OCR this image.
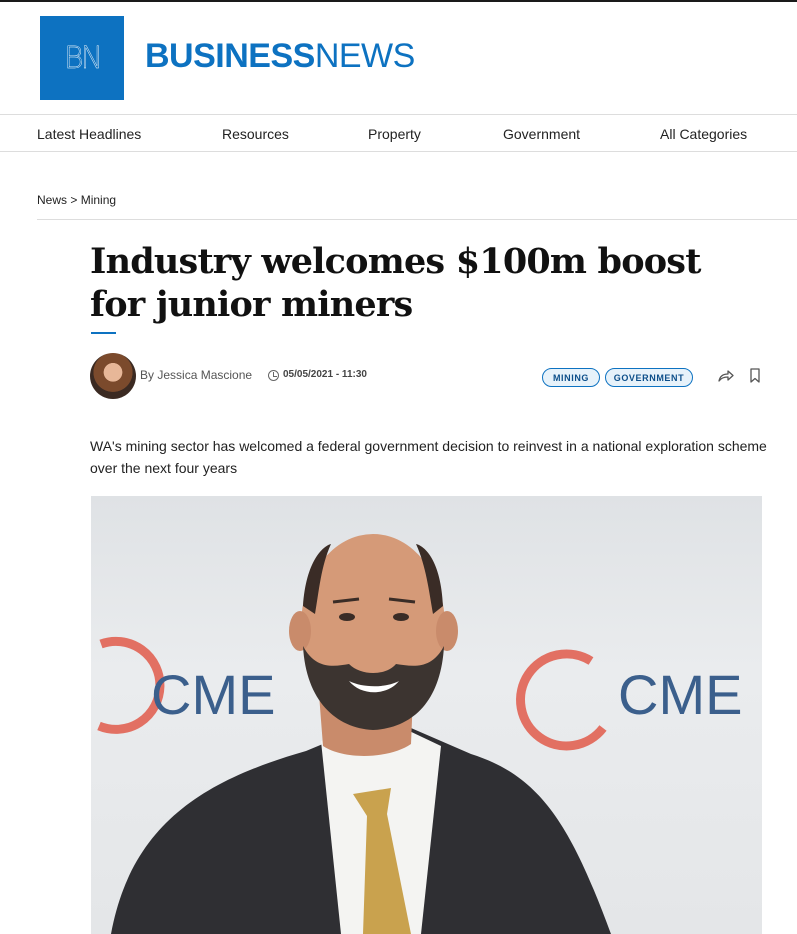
BN BUSINESSNEWS
Latest Headlines	Resources	Property	Government	All Categories
News > Mining
Industry welcomes $100m boost for junior miners
By Jessica Mascione	05/05/2021 - 11:30	MINING	GOVERNMENT

WA's mining sector has welcomed a federal government decision to reinvest in a national exploration scheme over the next four years

CME	CME
